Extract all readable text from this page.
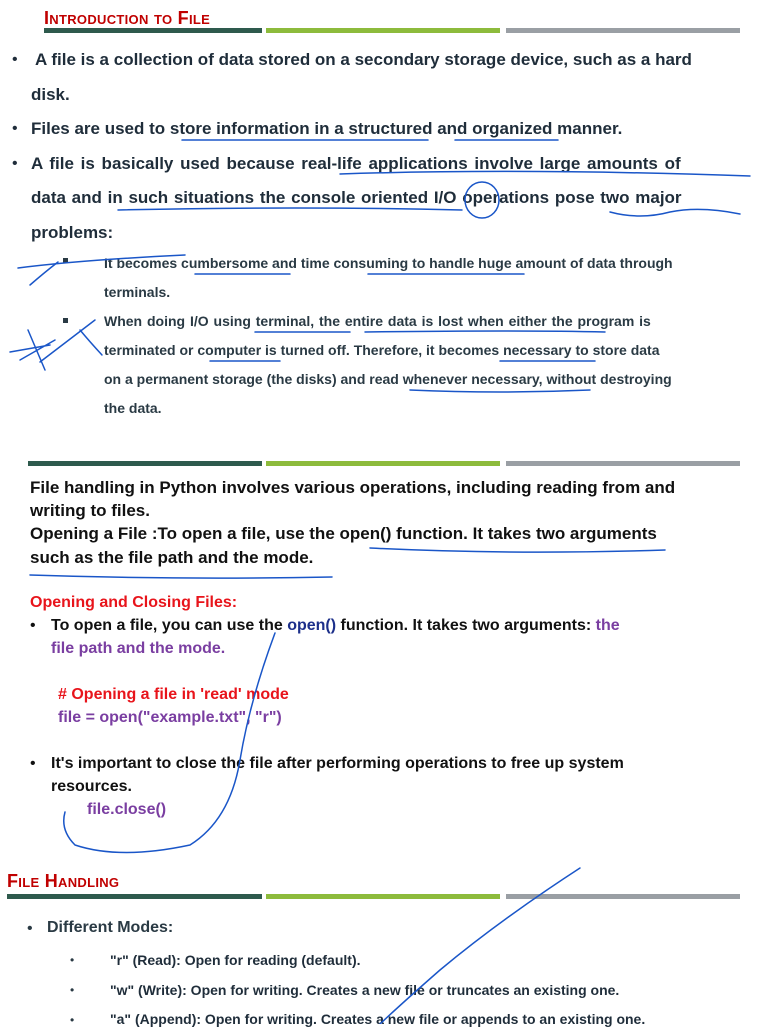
Introduction to File
• A file is a collection of data stored on a secondary storage device, such as a hard
disk.
• Files are used to store information in a structured and organized manner.
• A file is basically used because real-life applications involve large amounts of
data and in such situations the console oriented I/O operations pose two major
problems:
It becomes cumbersome and time consuming to handle huge amount of data through
terminals.
When doing I/O using terminal, the entire data is lost when either the program is
terminated or computer is turned off. Therefore, it becomes necessary to store data
on a permanent storage (the disks) and read whenever necessary, without destroying
the data.
File handling in Python involves various operations, including reading from and
writing to files.
Opening a File :To open a file, use the open() function. It takes two arguments
such as the file path and the mode.
Opening and Closing Files:
• To open a file, you can use the open() function. It takes two arguments: the
file path and the mode.
# Opening a file in 'read' mode
file = open("example.txt", "r")
• It's important to close the file after performing operations to free up system
resources.
file.close()
File Handling
• Different Modes:
•	"r" (Read): Open for reading (default).
•	"w" (Write): Open for writing. Creates a new file or truncates an existing one.
•	"a" (Append): Open for writing. Creates a new file or appends to an existing one.
